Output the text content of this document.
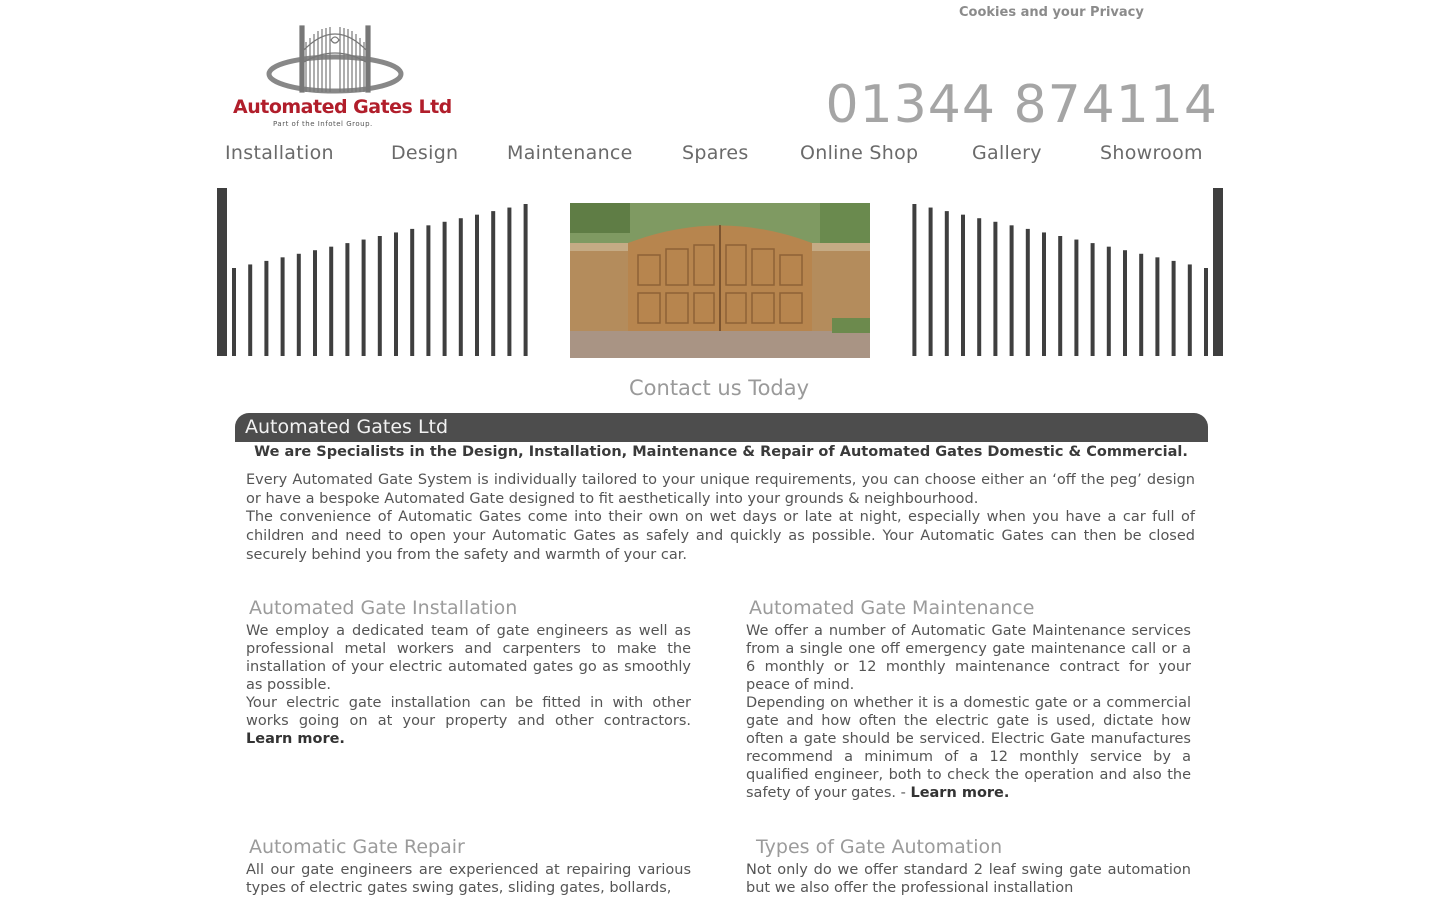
Cookies and your Privacy
Automated Gates Ltd
Part of the Infotel Group.	01344 874114
Installation	Design	Maintenance	Spares	Online Shop	Gallery	Showroom
Contact us Today
Automated Gates Ltd
We are Specialists in the Design, Installation, Maintenance & Repair of Automated Gates Domestic & Commercial.

Every Automated Gate System is individually tailored to your unique requirements, you can choose either an ‘off the peg’ design or have a bespoke Automated Gate designed to fit aesthetically into your grounds & neighbourhood.

The convenience of Automatic Gates come into their own on wet days or late at night, especially when you have a car full of children and need to open your Automatic Gates as safely and quickly as possible. Your Automatic Gates can then be closed securely behind you from the safety and warmth of your car.

Automated Gate Installation

We employ a dedicated team of gate engineers as well as professional metal workers and carpenters to make the installation of your electric automated gates go as smoothly as possible.

Your electric gate installation can be fitted in with other works going on at your property and other contractors. Learn more.

Automated Gate Maintenance

We offer a number of Automatic Gate Maintenance services from a single one off emergency gate maintenance call or a 6 monthly or 12 monthly maintenance contract for your peace of mind.

Depending on whether it is a domestic gate or a commercial gate and how often the electric gate is used, dictate how often a gate should be serviced. Electric Gate manufactures recommend a minimum of a 12 monthly service by a qualified engineer, both to check the operation and also the safety of your gates. - Learn more.

Automatic Gate Repair

All our gate engineers are experienced at repairing various types of electric gates swing gates, sliding gates, bollards,

Types of Gate Automation

Not only do we offer standard 2 leaf swing gate automation but we also offer the professional installation
